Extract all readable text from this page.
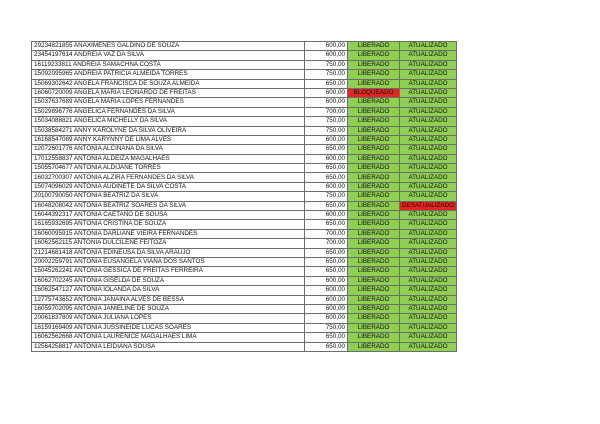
29234821855 ANAXIMENES GALDINO DE SOUZA	600,00	LIBERADO	ATUALIZADO
23454197614 ANDREIA VAZ DA SILVA	600,00	LIBERADO	ATUALIZADO
16119233811 ANDREIA SAMACHNA COSTA	750,00	LIBERADO	ATUALIZADO
15092095965 ANDREIA PATRICIA ALMEIDA TORRES	750,00	LIBERADO	ATUALIZADO
15069302642 ANGELA FRANCISCA DE SOUZA ALMEIDA	650,00	LIBERADO	ATUALIZADO
16060720009 ANGELA MARIA LEONARDO DE FREITAS	600,00	BLOQUEADO	ATUALIZADO
15037637689 ANGELA MARIA LOPES FERNANDES	600,00	LIBERADO	ATUALIZADO
15029896776 ANGELICA FERNANDES DA SILVA	700,00	LIBERADO	ATUALIZADO
15034088821 ANGELICA MICHELLY DA SILVA	750,00	LIBERADO	ATUALIZADO
15038584271 ANNY KAROLYNE DA SILVA OLIVEIRA	750,00	LIBERADO	ATUALIZADO
16168547089 ANNY KARYNNY DE LIMA ALVES	600,00	LIBERADO	ATUALIZADO
12072601776 ANTONIA ALCINANA DA SILVA	650,00	LIBERADO	ATUALIZADO
17012558837 ANTONIA ALDEIZA MAGALHAES	600,00	LIBERADO	ATUALIZADO
15055704677 ANTONIA ALDIJANE TORRES	650,00	LIBERADO	ATUALIZADO
16032700307 ANTONIA ALZIRA FERNANDES DA SILVA	650,00	LIBERADO	ATUALIZADO
15074096029 ANTONIA AUDINETE DA SILVA COSTA	600,00	LIBERADO	ATUALIZADO
20100790050 ANTONIA BEATRIZ DA SILVA	750,00	LIBERADO	ATUALIZADO
16048208042 ANTONIA BEATRIZ SOARES DA SILVA	650,00	LIBERADO	DESATUALIZADO
16044392317 ANTONIA CAETANO DE SOUSA	600,00	LIBERADO	ATUALIZADO
16165932695 ANTONIA CRISTINA DE SOUZA	650,00	LIBERADO	ATUALIZADO
16060095915 ANTONIA DARLIANE VIEIRA FERNANDES	700,00	LIBERADO	ATUALIZADO
16062562115 ANTONIA DULCILENE FEITOZA	700,00	LIBERADO	ATUALIZADO
21214681418 ANTONIA EDINEUSA DA SILVA ARAUJO	650,00	LIBERADO	ATUALIZADO
20002259791 ANTONIA EUSANGELA VIANA DOS SANTOS	650,00	LIBERADO	ATUALIZADO
15045262241 ANTONIA GESSICA DE FREITAS FERREIRA	650,00	LIBERADO	ATUALIZADO
16062702245 ANTONIA GISELDA DE SOUZA	600,00	LIBERADO	ATUALIZADO
16062547127 ANTONIA IOLANDA DA SILVA	600,00	LIBERADO	ATUALIZADO
12775743652 ANTONIA JANAINA ALVES DE BESSA	600,00	LIBERADO	ATUALIZADO
16059702095 ANTONIA JANIELINE DE SOUZA	600,00	LIBERADO	ATUALIZADO
20061837809 ANTONIA JULIANA LOPES	600,00	LIBERADO	ATUALIZADO
16159169409 ANTONIA JUSSINEIDE LUCAS SOARES	750,00	LIBERADO	ATUALIZADO
16062562668 ANTONIA LAURENICE MAGALHAES LIMA	650,00	LIBERADO	ATUALIZADO
12564258817 ANTONIA LEIDIANA SOUSA	650,00	LIBERADO	ATUALIZADO
